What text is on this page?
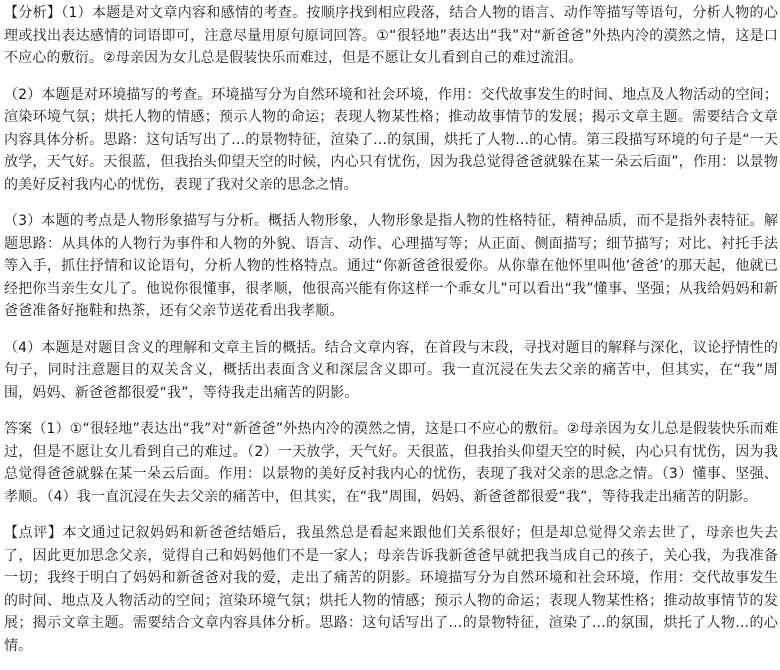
【分析】（1）本题是对文章内容和感情的考查。按顺序找到相应段落，结合人物的语言、动作等描写等语句，分析人物的心理或找出表达感情的词语即可，注意尽量用原句原词回答。①“很轻地”表达出“我”对“新爸爸”外热内冷的漠然之情，这是口不应心的敷衍。②母亲因为女儿总是假装快乐而难过，但是不愿让女儿看到自己的难过流泪。

（2）本题是对环境描写的考查。环境描写分为自然环境和社会环境，作用：交代故事发生的时间、地点及人物活动的空间；渲染环境气氛；烘托人物的情感；预示人物的命运；表现人物某性格；推动故事情节的发展；揭示文章主题。需要结合文章内容具体分析。思路：这句话写出了…的景物特征，渲染了…的氛围，烘托了人物…的心情。第三段描写环境的句子是“一天放学，天气好。天很蓝，但我抬头仰望天空的时候，内心只有忧伤，因为我总觉得爸爸就躲在某一朵云后面”，作用：以景物的美好反衬我内心的忧伤，表现了我对父亲的思念之情。

（3）本题的考点是人物形象描写与分析。概括人物形象，人物形象是指人物的性格特征，精神品质，而不是指外表特征。解题思路：从具体的人物行为事件和人物的外貌、语言、动作、心理描写等；从正面、侧面描写；细节描写；对比、衬托手法等入手，抓住抒情和议论语句，分析人物的性格特点。通过“你新爸爸很爱你。从你靠在他怀里叫他‘爸爸’的那天起，他就已经把你当亲生女儿了。他说你很懂事，很孝顺，他很高兴能有你这样一个乖女儿”可以看出“我”懂事、坚强；从我给妈妈和新爸爸准备好拖鞋和热茶，还有父亲节送花看出我孝顺。

（4）本题是对题目含义的理解和文章主旨的概括。结合文章内容，在首段与末段，寻找对题目的解释与深化，议论抒情性的句子，同时注意题目的双关含义，概括出表面含义和深层含义即可。我一直沉浸在失去父亲的痛苦中，但其实，在“我”周围，妈妈、新爸爸都很爱“我”，等待我走出痛苦的阴影。

答案（1）①“很轻地”表达出“我”对“新爸爸”外热内冷的漠然之情，这是口不应心的敷衍。②母亲因为女儿总是假装快乐而难过，但是不愿让女儿看到自己的难过。（2）一天放学，天气好。天很蓝，但我抬头仰望天空的时候，内心只有忧伤，因为我总觉得爸爸就躲在某一朵云后面。作用：以景物的美好反衬我内心的忧伤，表现了我对父亲的思念之情。（3）懂事、坚强、孝顺。（4）我一直沉浸在失去父亲的痛苦中，但其实，在“我”周围，妈妈、新爸爸都很爱“我”，等待我走出痛苦的阴影。

【点评】本文通过记叙妈妈和新爸爸结婚后，我虽然总是看起来跟他们关系很好；但是却总觉得父亲去世了，母亲也失去了，因此更加思念父亲，觉得自己和妈妈他们不是一家人；母亲告诉我新爸爸早就把我当成自己的孩子，关心我，为我准备一切；我终于明白了妈妈和新爸爸对我的爱，走出了痛苦的阴影。环境描写分为自然环境和社会环境，作用：交代故事发生的时间、地点及人物活动的空间；渲染环境气氛；烘托人物的情感；预示人物的命运；表现人物某性格；推动故事情节的发展；揭示文章主题。需要结合文章内容具体分析。思路：这句话写出了…的景物特征，渲染了…的氛围，烘托了人物…的心情。
